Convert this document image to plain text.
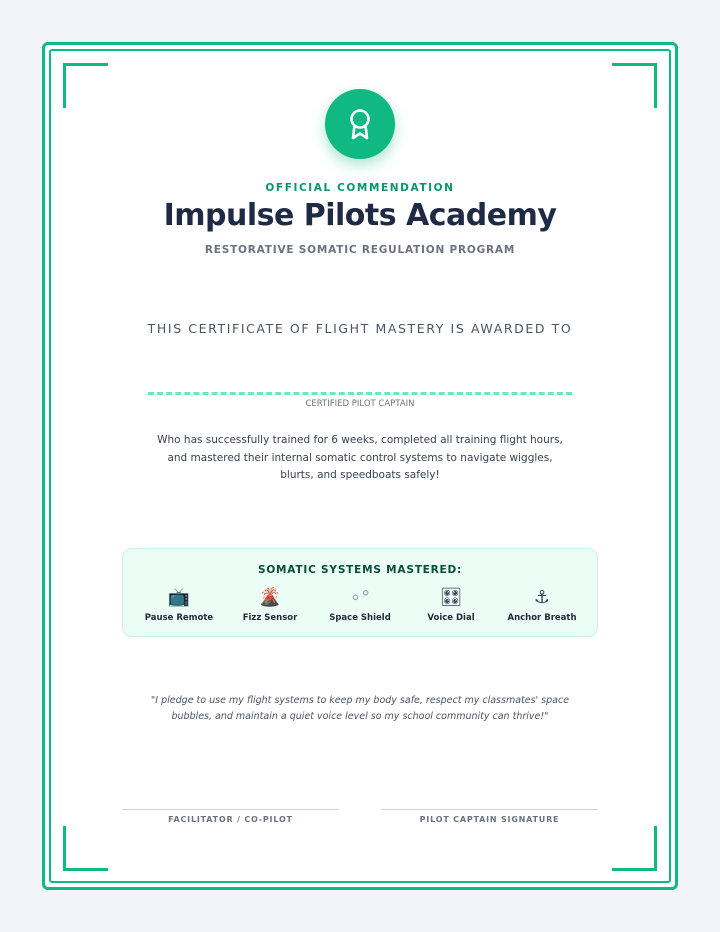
OFFICIAL COMMENDATION
Impulse Pilots Academy
RESTORATIVE SOMATIC REGULATION PROGRAM
THIS CERTIFICATE OF FLIGHT MASTERY IS AWARDED TO
CERTIFIED PILOT CAPTAIN
Who has successfully trained for 6 weeks, completed all training flight hours, and mastered their internal somatic control systems to navigate wiggles, blurts, and speedboats safely!
SOMATIC SYSTEMS MASTERED:
📺
Pause Remote
🌋
Fizz Sensor
∘°
Space Shield
🎛
Voice Dial
⚓
Anchor Breath
"I pledge to use my flight systems to keep my body safe, respect my classmates' space bubbles, and maintain a quiet voice level so my school community can thrive!"
FACILITATOR / CO-PILOT	PILOT CAPTAIN SIGNATURE
